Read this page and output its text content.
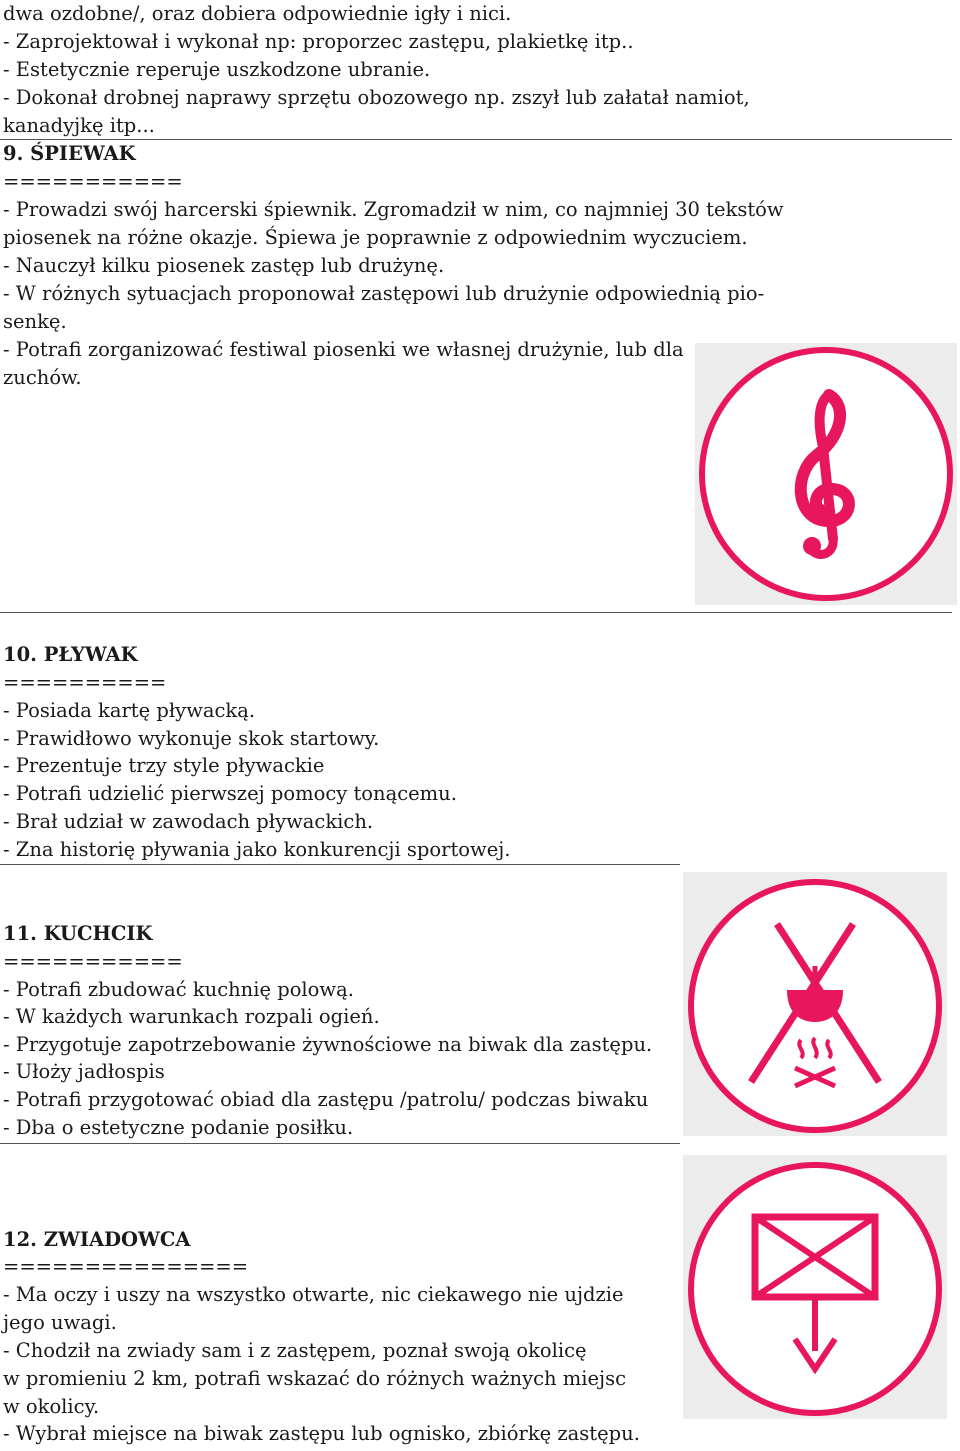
dwa ozdobne/, oraz dobiera odpowiednie igły i nici.
- Zaprojektował i wykonał np: proporzec zastępu, plakietkę itp..
- Estetycznie reperuje uszkodzone ubranie.
- Dokonał drobnej naprawy sprzętu obozowego np. zszył lub załatał namiot,
kanadyjkę itp...
9. ŚPIEWAK
===========
- Prowadzi swój harcerski śpiewnik. Zgromadził w nim, co najmniej 30 tekstów
piosenek na różne okazje. Śpiewa je poprawnie z odpowiednim wyczuciem.
- Nauczył kilku piosenek zastęp lub drużynę.
- W różnych sytuacjach proponował zastępowi lub drużynie odpowiednią pio-
senkę.
- Potrafi zorganizować festiwal piosenki we własnej drużynie, lub dla
zuchów.
10. PŁYWAK
==========
- Posiada kartę pływacką.
- Prawidłowo wykonuje skok startowy.
- Prezentuje trzy style pływackie
- Potrafi udzielić pierwszej pomocy tonącemu.
- Brał udział w zawodach pływackich.
- Zna historię pływania jako konkurencji sportowej.
11. KUCHCIK
===========
- Potrafi zbudować kuchnię polową.
- W każdych warunkach rozpali ogień.
- Przygotuje zapotrzebowanie żywnościowe na biwak dla zastępu.
- Ułoży jadłospis
- Potrafi przygotować obiad dla zastępu /patrolu/ podczas biwaku
- Dba o estetyczne podanie posiłku.
12. ZWIADOWCA
===============
- Ma oczy i uszy na wszystko otwarte, nic ciekawego nie ujdzie
jego uwagi.
- Chodził na zwiady sam i z zastępem, poznał swoją okolicę
w promieniu 2 km, potrafi wskazać do różnych ważnych miejsc
w okolicy.
- Wybrał miejsce na biwak zastępu lub ognisko, zbiórkę zastępu.
